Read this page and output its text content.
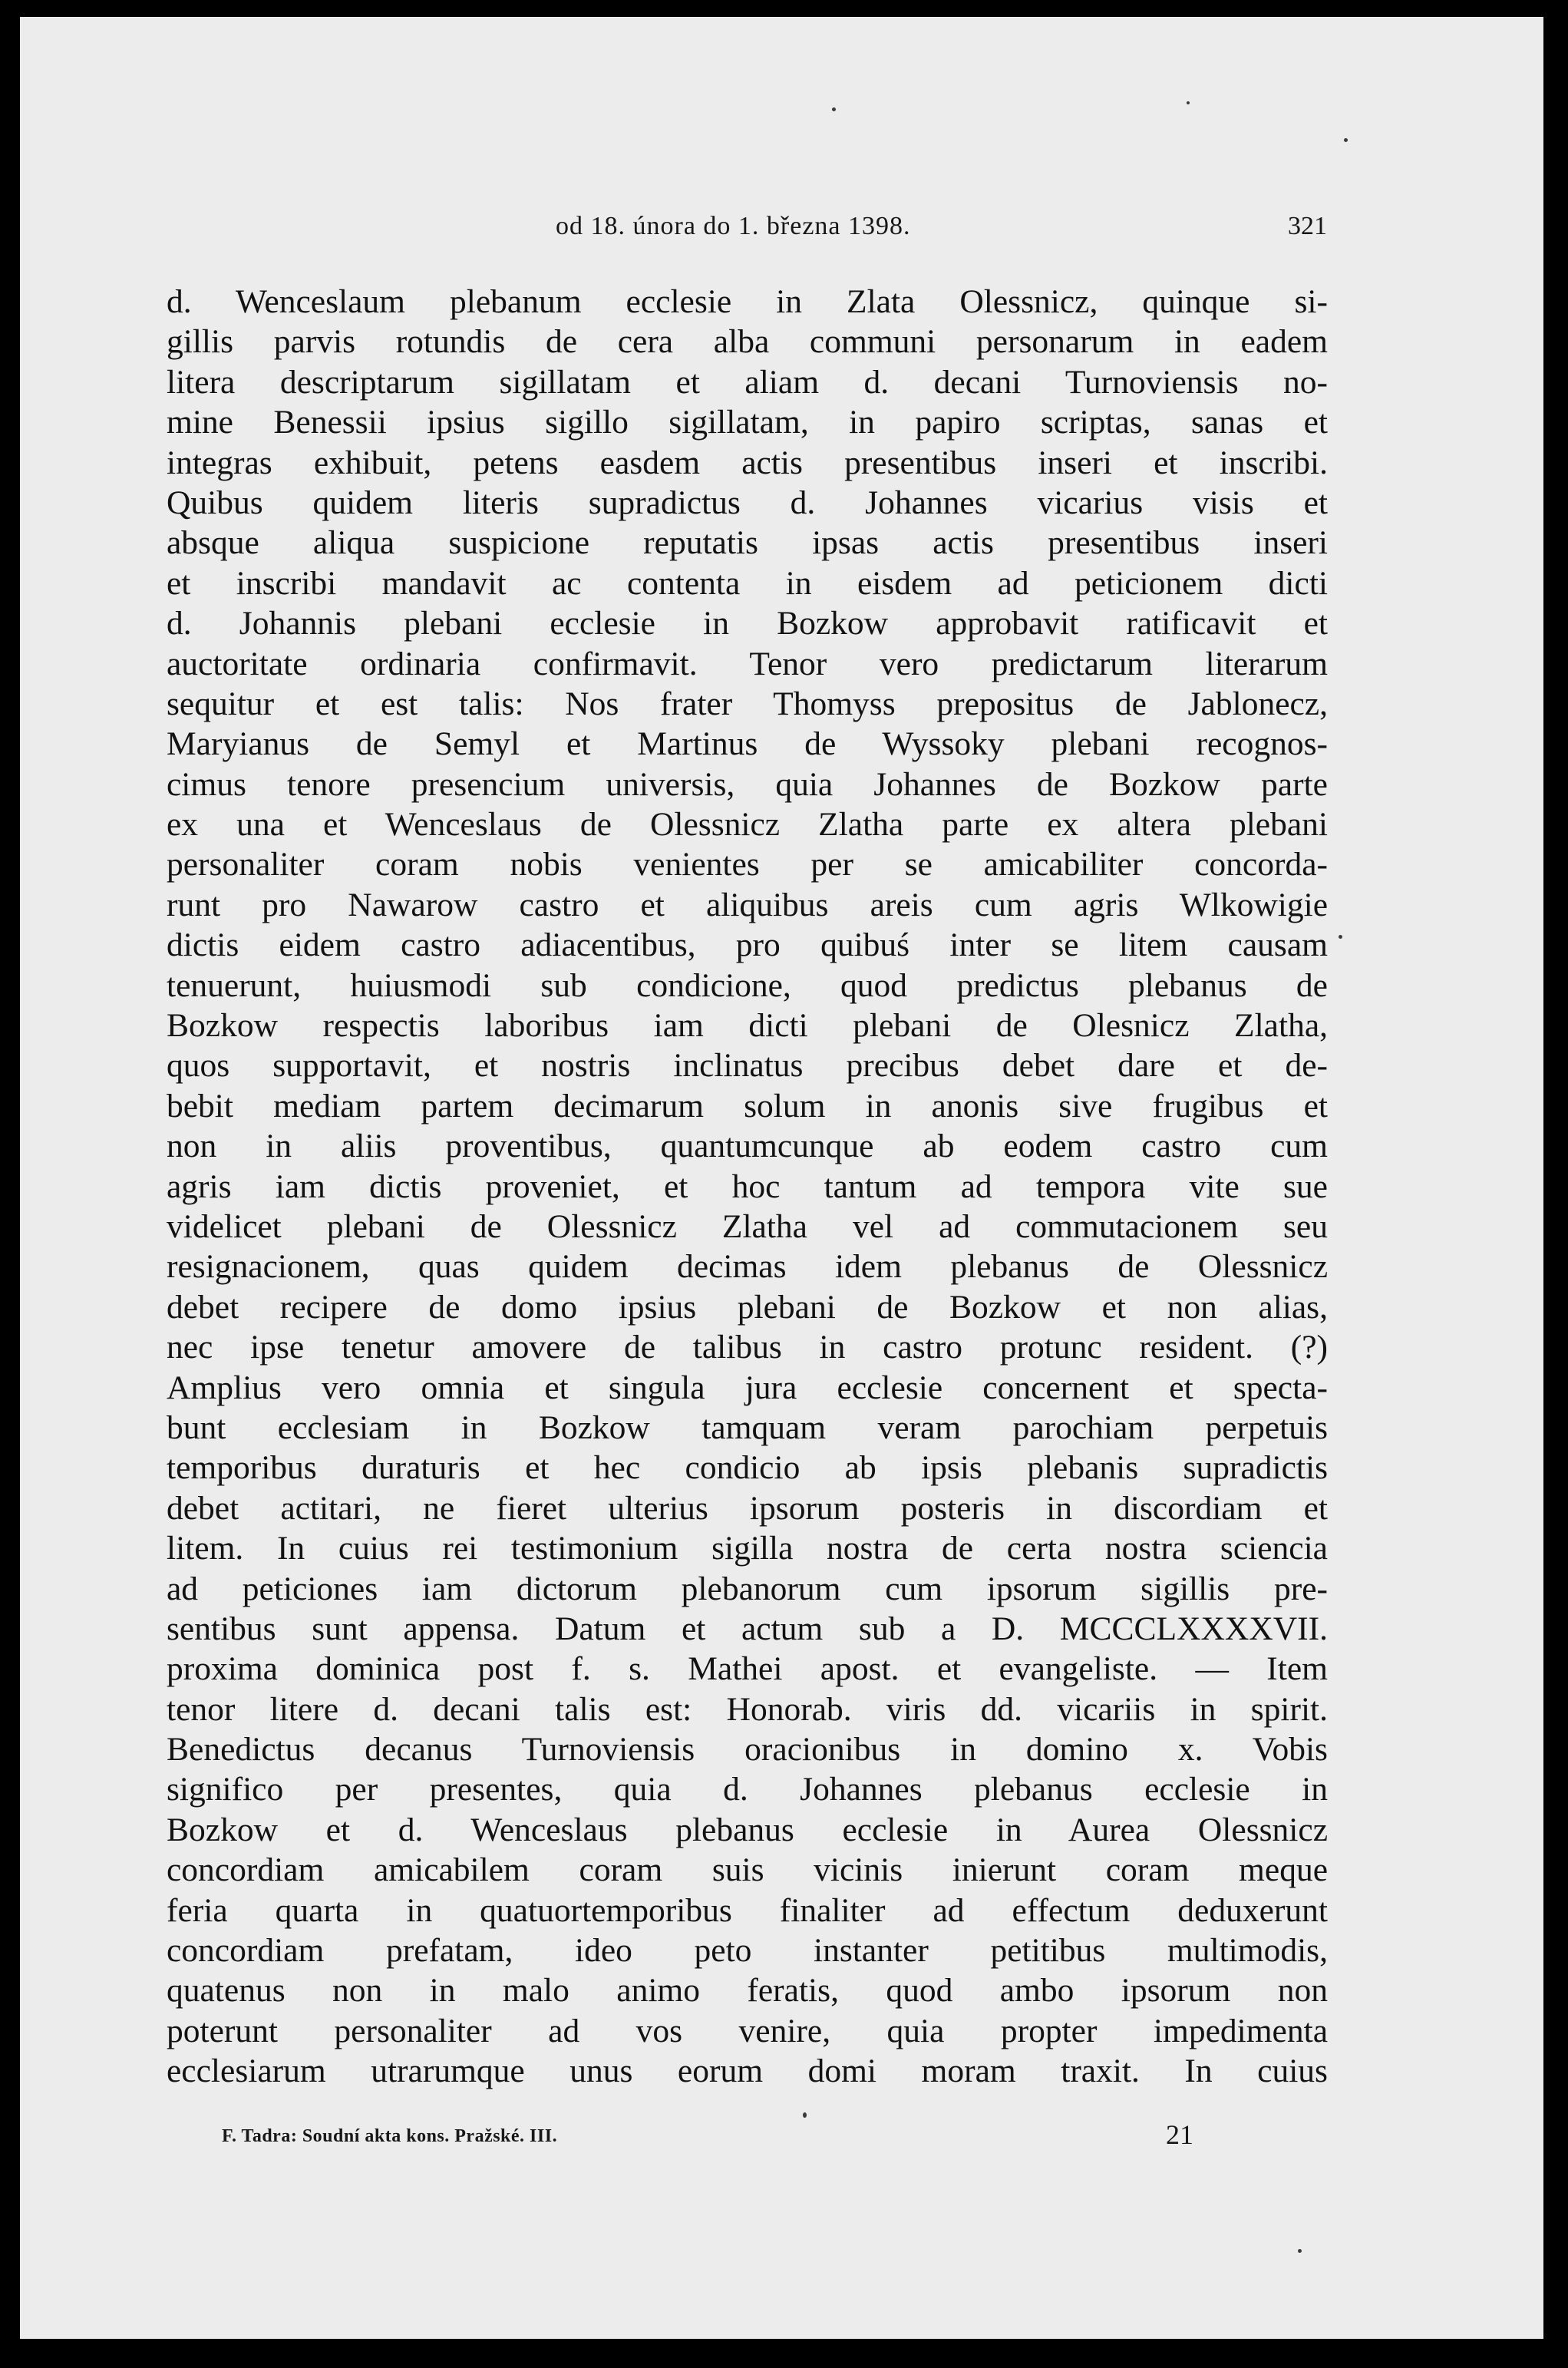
od 18. února do 1. března 1398.	321
d. Wenceslaum plebanum ecclesie in Zlata Olessnicz, quinque si-
gillis parvis rotundis de cera alba communi personarum in eadem
litera descriptarum sigillatam et aliam d. decani Turnoviensis no-
mine Benessii ipsius sigillo sigillatam, in papiro scriptas, sanas et
integras exhibuit, petens easdem actis presentibus inseri et inscribi.
Quibus quidem literis supradictus d. Johannes vicarius visis et
absque aliqua suspicione reputatis ipsas actis presentibus inseri
et inscribi mandavit ac contenta in eisdem ad peticionem dicti
d. Johannis plebani ecclesie in Bozkow approbavit ratificavit et
auctoritate ordinaria confirmavit. Tenor vero predictarum literarum
sequitur et est talis: Nos frater Thomyss prepositus de Jablonecz,
Maryianus de Semyl et Martinus de Wyssoky plebani recognos-
cimus tenore presencium universis, quia Johannes de Bozkow parte
ex una et Wenceslaus de Olessnicz Zlatha parte ex altera plebani
personaliter coram nobis venientes per se amicabiliter concorda-
runt pro Nawarow castro et aliquibus areis cum agris Wlkowigie
dictis eidem castro adiacentibus, pro quibuś inter se litem causam
tenuerunt, huiusmodi sub condicione, quod predictus plebanus de
Bozkow respectis laboribus iam dicti plebani de Olesnicz Zlatha,
quos supportavit, et nostris inclinatus precibus debet dare et de-
bebit mediam partem decimarum solum in anonis sive frugibus et
non in aliis proventibus, quantumcunque ab eodem castro cum
agris iam dictis proveniet, et hoc tantum ad tempora vite sue
videlicet plebani de Olessnicz Zlatha vel ad commutacionem seu
resignacionem, quas quidem decimas idem plebanus de Olessnicz
debet recipere de domo ipsius plebani de Bozkow et non alias,
nec ipse tenetur amovere de talibus in castro protunc resident. (?)
Amplius vero omnia et singula jura ecclesie concernent et specta-
bunt ecclesiam in Bozkow tamquam veram parochiam perpetuis
temporibus duraturis et hec condicio ab ipsis plebanis supradictis
debet actitari, ne fieret ulterius ipsorum posteris in discordiam et
litem. In cuius rei testimonium sigilla nostra de certa nostra sciencia
ad peticiones iam dictorum plebanorum cum ipsorum sigillis pre-
sentibus sunt appensa. Datum et actum sub a D. MCCCLXXXXVII.
proxima dominica post f. s. Mathei apost. et evangeliste. — Item
tenor litere d. decani talis est: Honorab. viris dd. vicariis in spirit.
Benedictus decanus Turnoviensis oracionibus in domino x. Vobis
significo per presentes, quia d. Johannes plebanus ecclesie in
Bozkow et d. Wenceslaus plebanus ecclesie in Aurea Olessnicz
concordiam amicabilem coram suis vicinis inierunt coram meque
feria quarta in quatuortemporibus finaliter ad effectum deduxerunt
concordiam prefatam, ideo peto instanter petitibus multimodis,
quatenus non in malo animo feratis, quod ambo ipsorum non
poterunt personaliter ad vos venire, quia propter impedimenta
ecclesiarum utrarumque unus eorum domi moram traxit. In cuius
F. Tadra: Soudní akta kons. Pražské. III.	21
